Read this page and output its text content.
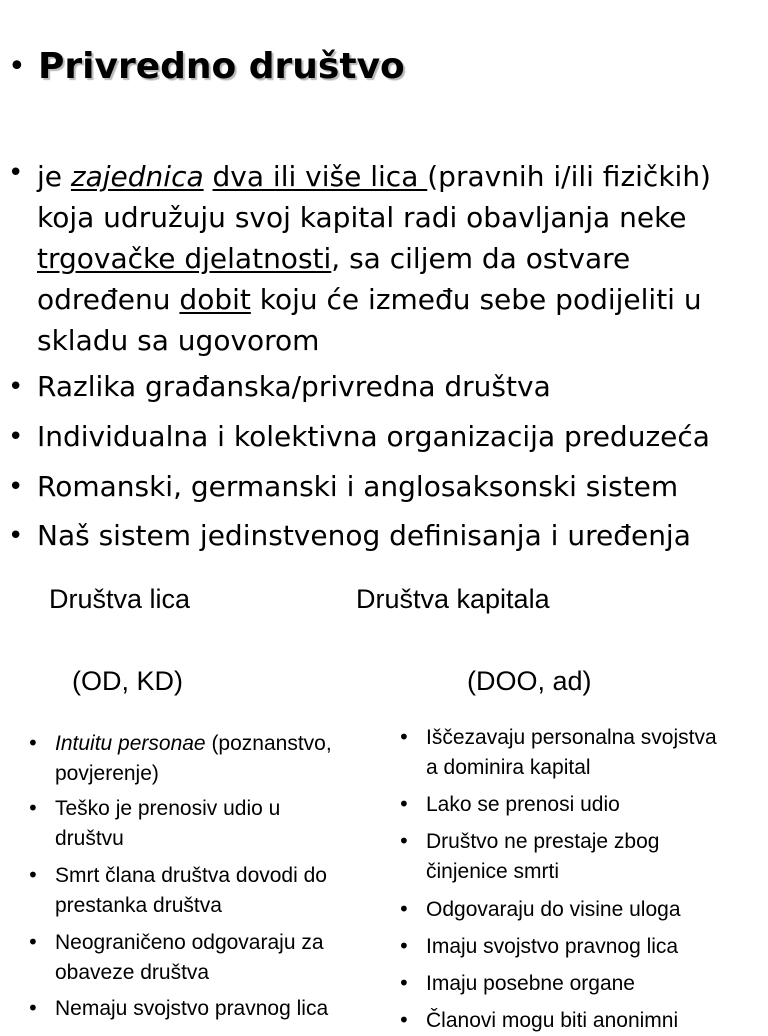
• Privredno društvo
• je zajednica dva ili više lica (pravnih i/ili fizičkih) koja udružuju svoj kapital radi obavljanja neke trgovačke djelatnosti, sa ciljem da ostvare određenu dobit koju će između sebe podijeliti u skladu sa ugovorom
• Razlika građanska/privredna društva
• Individualna i kolektivna organizacija preduzeća
• Romanski, germanski i anglosaksonski sistem
• Naš sistem jedinstvenog definisanja i uređenja
Društva lica	Društva kapitala
(OD, KD)	(DOO, ad)
• Intuitu personae (poznanstvo,
povjerenje)
• Teško je prenosiv udio u
društvu
• Smrt člana društva dovodi do
prestanka društva
• Neograničeno odgovaraju za
obaveze društva
• Nemaju svojstvo pravnog lica
• Iščezavaju personalna svojstva
a dominira kapital
• Lako se prenosi udio
• Društvo ne prestaje zbog
činjenice smrti
• Odgovaraju do visine uloga
• Imaju svojstvo pravnog lica
• Imaju posebne organe
• Članovi mogu biti anonimni
